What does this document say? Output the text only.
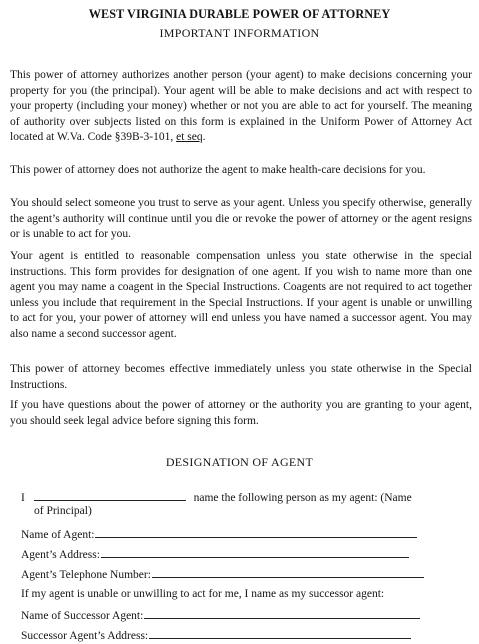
WEST VIRGINIA DURABLE POWER OF ATTORNEY
IMPORTANT INFORMATION

This power of attorney authorizes another person (your agent) to make decisions concerning your property for you (the principal). Your agent will be able to make decisions and act with respect to your property (including your money) whether or not you are able to act for yourself. The meaning of authority over subjects listed on this form is explained in the Uniform Power of Attorney Act located at W.Va. Code §39B-3-101, et seq.

This power of attorney does not authorize the agent to make health-care decisions for you.

You should select someone you trust to serve as your agent. Unless you specify otherwise, generally the agent’s authority will continue until you die or revoke the power of attorney or the agent resigns or is unable to act for you.

Your agent is entitled to reasonable compensation unless you state otherwise in the special instructions. This form provides for designation of one agent. If you wish to name more than one agent you may name a coagent in the Special Instructions. Coagents are not required to act together unless you include that requirement in the Special Instructions. If your agent is unable or unwilling to act for you, your power of attorney will end unless you have named a successor agent. You may also name a second successor agent.

This power of attorney becomes effective immediately unless you state otherwise in the Special Instructions.

If you have questions about the power of attorney or the authority you are granting to your agent, you should seek legal advice before signing this form.

DESIGNATION OF AGENT
I	name the following person as my agent: (Name
of Principal)
Name of Agent:
Agent’s Address:
Agent’s Telephone Number:
If my agent is unable or unwilling to act for me, I name as my successor agent:
Name of Successor Agent:
Successor Agent’s Address:
